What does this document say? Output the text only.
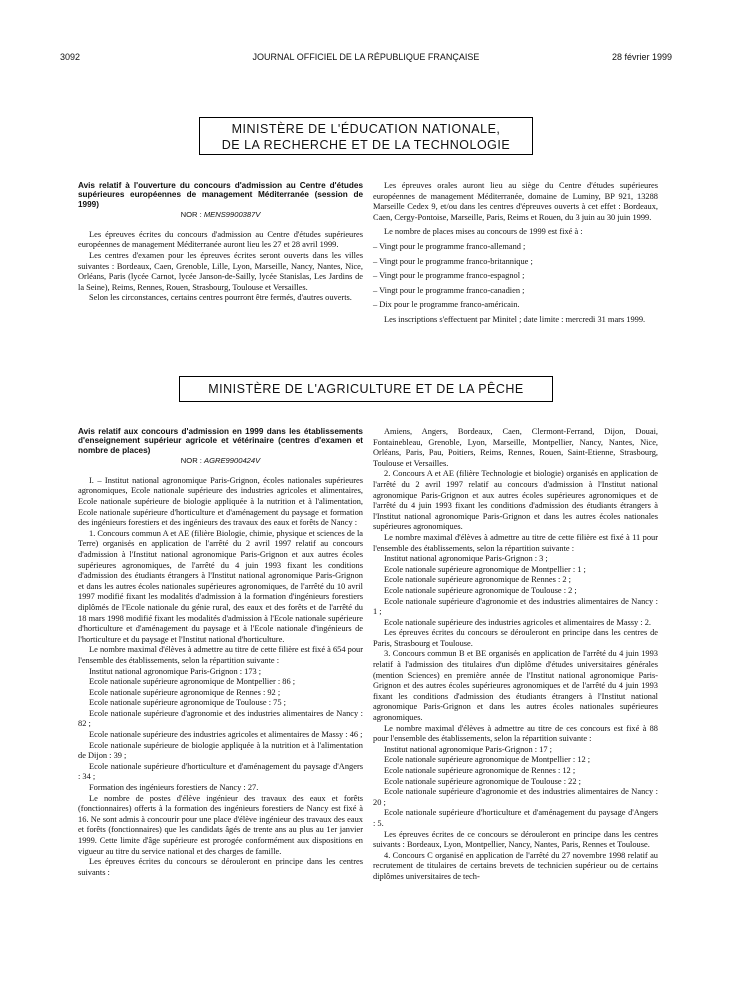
3092	JOURNAL OFFICIEL DE LA RÉPUBLIQUE FRANÇAISE	28 février 1999
MINISTÈRE DE L'ÉDUCATION NATIONALE,
DE LA RECHERCHE ET DE LA TECHNOLOGIE

Avis relatif à l'ouverture du concours d'admission au Centre d'études supérieures européennes de management Méditerranée (session de 1999)

NOR : MENS9900387V

Les épreuves écrites du concours d'admission au Centre d'études supérieures européennes de management Méditerranée auront lieu les 27 et 28 avril 1999.

Les centres d'examen pour les épreuves écrites seront ouverts dans les villes suivantes : Bordeaux, Caen, Grenoble, Lille, Lyon, Marseille, Nancy, Nantes, Nice, Orléans, Paris (lycée Carnot, lycée Janson-de-Sailly, lycée Stanislas, Les Jardins de la Seine), Reims, Rennes, Rouen, Strasbourg, Toulouse et Versailles.

Selon les circonstances, certains centres pourront être fermés, d'autres ouverts.

Les épreuves orales auront lieu au siège du Centre d'études supérieures européennes de management Méditerranée, domaine de Luminy, BP 921, 13288 Marseille Cedex 9, et/ou dans les centres d'épreuves ouverts à cet effet : Bordeaux, Caen, Cergy-Pontoise, Marseille, Paris, Reims et Rouen, du 3 juin au 30 juin 1999.

Le nombre de places mises au concours de 1999 est fixé à :

– Vingt pour le programme franco-allemand ;

– Vingt pour le programme franco-britannique ;

– Vingt pour le programme franco-espagnol ;

– Vingt pour le programme franco-canadien ;

– Dix pour le programme franco-américain.

Les inscriptions s'effectuent par Minitel ; date limite : mercredi 31 mars 1999.

MINISTÈRE DE L'AGRICULTURE ET DE LA PÊCHE

Avis relatif aux concours d'admission en 1999 dans les établissements d'enseignement supérieur agricole et vétérinaire (centres d'examen et nombre de places)

NOR : AGRE9900424V

I. – Institut national agronomique Paris-Grignon, écoles nationales supérieures agronomiques, Ecole nationale supérieure des industries agricoles et alimentaires, Ecole nationale supérieure de biologie appliquée à la nutrition et à l'alimentation, Ecole nationale supérieure d'horticulture et d'aménagement du paysage et formation des ingénieurs forestiers et des ingénieurs des travaux des eaux et forêts de Nancy :

1. Concours commun A et AE (filière Biologie, chimie, physique et sciences de la Terre) organisés en application de l'arrêté du 2 avril 1997 relatif au concours d'admission à l'Institut national agronomique Paris-Grignon et aux autres écoles supérieures agronomiques, de l'arrêté du 4 juin 1993 fixant les conditions d'admission des étudiants étrangers à l'Institut national agronomique Paris-Grignon et dans les autres écoles nationales supérieures agronomiques, de l'arrêté du 10 avril 1997 modifié fixant les modalités d'admission à la formation d'ingénieurs forestiers diplômés de l'Ecole nationale du génie rural, des eaux et des forêts et de l'arrêté du 18 mars 1998 modifié fixant les modalités d'admission à l'Ecole nationale supérieure d'horticulture et d'aménagement du paysage et à l'Ecole nationale d'ingénieurs de l'horticulture et du paysage et l'Institut national d'horticulture.

Le nombre maximal d'élèves à admettre au titre de cette filière est fixé à 654 pour l'ensemble des établissements, selon la répartition suivante :

Institut national agronomique Paris-Grignon : 173 ;

Ecole nationale supérieure agronomique de Montpellier : 86 ;

Ecole nationale supérieure agronomique de Rennes : 92 ;

Ecole nationale supérieure agronomique de Toulouse : 75 ;

Ecole nationale supérieure d'agronomie et des industries alimentaires de Nancy : 82 ;

Ecole nationale supérieure des industries agricoles et alimentaires de Massy : 46 ;

Ecole nationale supérieure de biologie appliquée à la nutrition et à l'alimentation de Dijon : 39 ;

Ecole nationale supérieure d'horticulture et d'aménagement du paysage d'Angers : 34 ;

Formation des ingénieurs forestiers de Nancy : 27.

Le nombre de postes d'élève ingénieur des travaux des eaux et forêts (fonctionnaires) offerts à la formation des ingénieurs forestiers de Nancy est fixé à 16. Ne sont admis à concourir pour une place d'élève ingénieur des travaux des eaux et forêts (fonctionnaires) que les candidats âgés de trente ans au plus au 1er janvier 1999. Cette limite d'âge supérieure est prorogée conformément aux dispositions en vigueur au titre du service national et des charges de famille.

Les épreuves écrites du concours se dérouleront en principe dans les centres suivants :

Amiens, Angers, Bordeaux, Caen, Clermont-Ferrand, Dijon, Douai, Fontainebleau, Grenoble, Lyon, Marseille, Montpellier, Nancy, Nantes, Nice, Orléans, Paris, Pau, Poitiers, Reims, Rennes, Rouen, Saint-Etienne, Strasbourg, Toulouse et Versailles.

2. Concours A et AE (filière Technologie et biologie) organisés en application de l'arrêté du 2 avril 1997 relatif au concours d'admission à l'Institut national agronomique Paris-Grignon et aux autres écoles supérieures agronomiques et de l'arrêté du 4 juin 1993 fixant les conditions d'admission des étudiants étrangers à l'Institut national agronomique Paris-Grignon et dans les autres écoles nationales supérieures agronomiques.

Le nombre maximal d'élèves à admettre au titre de cette filière est fixé à 11 pour l'ensemble des établissements, selon la répartition suivante :

Institut national agronomique Paris-Grignon : 3 ;

Ecole nationale supérieure agronomique de Montpellier : 1 ;

Ecole nationale supérieure agronomique de Rennes : 2 ;

Ecole nationale supérieure agronomique de Toulouse : 2 ;

Ecole nationale supérieure d'agronomie et des industries alimentaires de Nancy : 1 ;

Ecole nationale supérieure des industries agricoles et alimentaires de Massy : 2.

Les épreuves écrites du concours se dérouleront en principe dans les centres de Paris, Strasbourg et Toulouse.

3. Concours commun B et BE organisés en application de l'arrêté du 4 juin 1993 relatif à l'admission des titulaires d'un diplôme d'études universitaires générales (mention Sciences) en première année de l'Institut national agronomique Paris-Grignon et des autres écoles supérieures agronomiques et de l'arrêté du 4 juin 1993 fixant les conditions d'admission des étudiants étrangers à l'Institut national agronomique Paris-Grignon et dans les autres écoles nationales supérieures agronomiques.

Le nombre maximal d'élèves à admettre au titre de ces concours est fixé à 88 pour l'ensemble des établissements, selon la répartition suivante :

Institut national agronomique Paris-Grignon : 17 ;

Ecole nationale supérieure agronomique de Montpellier : 12 ;

Ecole nationale supérieure agronomique de Rennes : 12 ;

Ecole nationale supérieure agronomique de Toulouse : 22 ;

Ecole nationale supérieure d'agronomie et des industries alimentaires de Nancy : 20 ;

Ecole nationale supérieure d'horticulture et d'aménagement du paysage d'Angers : 5.

Les épreuves écrites de ce concours se dérouleront en principe dans les centres suivants : Bordeaux, Lyon, Montpellier, Nancy, Nantes, Paris, Rennes et Toulouse.

4. Concours C organisé en application de l'arrêté du 27 novembre 1998 relatif au recrutement de titulaires de certains brevets de technicien supérieur ou de certains diplômes universitaires de tech-
